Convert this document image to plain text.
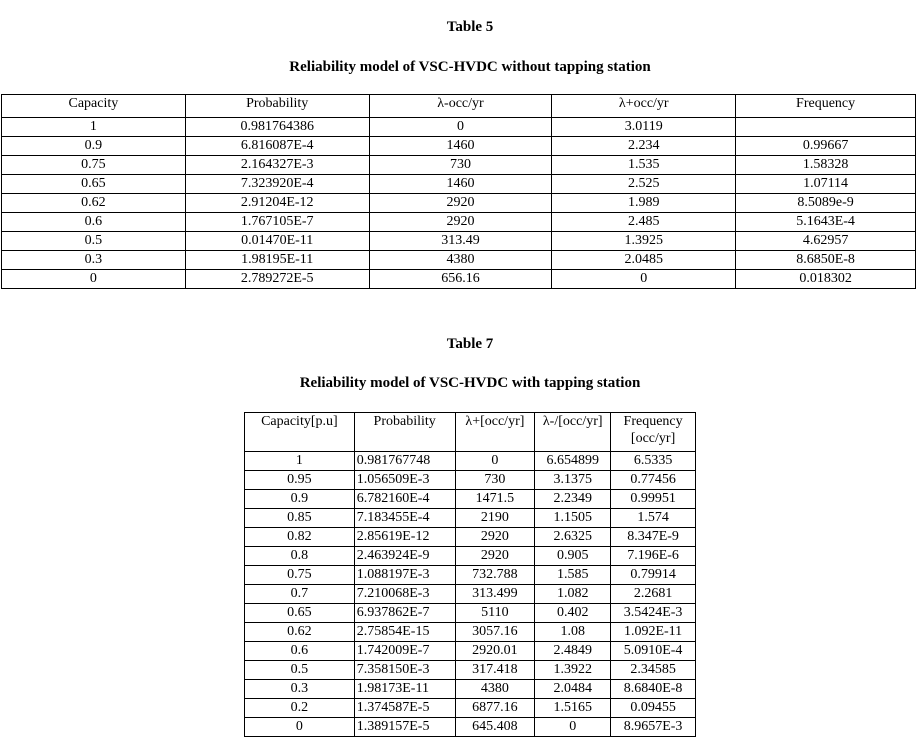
Table 5
Reliability model of VSC-HVDC without tapping station
Capacity	Probability	λ-occ/yr	λ+occ/yr	Frequency
1	0.981764386	0	3.0119	
0.9	6.816087E-4	1460	2.234	0.99667
0.75	2.164327E-3	730	1.535	1.58328
0.65	7.323920E-4	1460	2.525	1.07114
0.62	2.91204E-12	2920	1.989	8.5089e-9
0.6	1.767105E-7	2920	2.485	5.1643E-4
0.5	0.01470E-11	313.49	1.3925	4.62957
0.3	1.98195E-11	4380	2.0485	8.6850E-8
0	2.789272E-5	656.16	0	0.018302
Table 7
Reliability model of VSC-HVDC with tapping station
Capacity[p.u]	Probability	λ+[occ/yr]	λ-/[occ/yr]	Frequency [occ/yr]
1	0.981767748	0	6.654899	6.5335
0.95	1.056509E-3	730	3.1375	0.77456
0.9	6.782160E-4	1471.5	2.2349	0.99951
0.85	7.183455E-4	2190	1.1505	1.574
0.82	2.85619E-12	2920	2.6325	8.347E-9
0.8	2.463924E-9	2920	0.905	7.196E-6
0.75	1.088197E-3	732.788	1.585	0.79914
0.7	7.210068E-3	313.499	1.082	2.2681
0.65	6.937862E-7	5110	0.402	3.5424E-3
0.62	2.75854E-15	3057.16	1.08	1.092E-11
0.6	1.742009E-7	2920.01	2.4849	5.0910E-4
0.5	7.358150E-3	317.418	1.3922	2.34585
0.3	1.98173E-11	4380	2.0484	8.6840E-8
0.2	1.374587E-5	6877.16	1.5165	0.09455
0	1.389157E-5	645.408	0	8.9657E-3
